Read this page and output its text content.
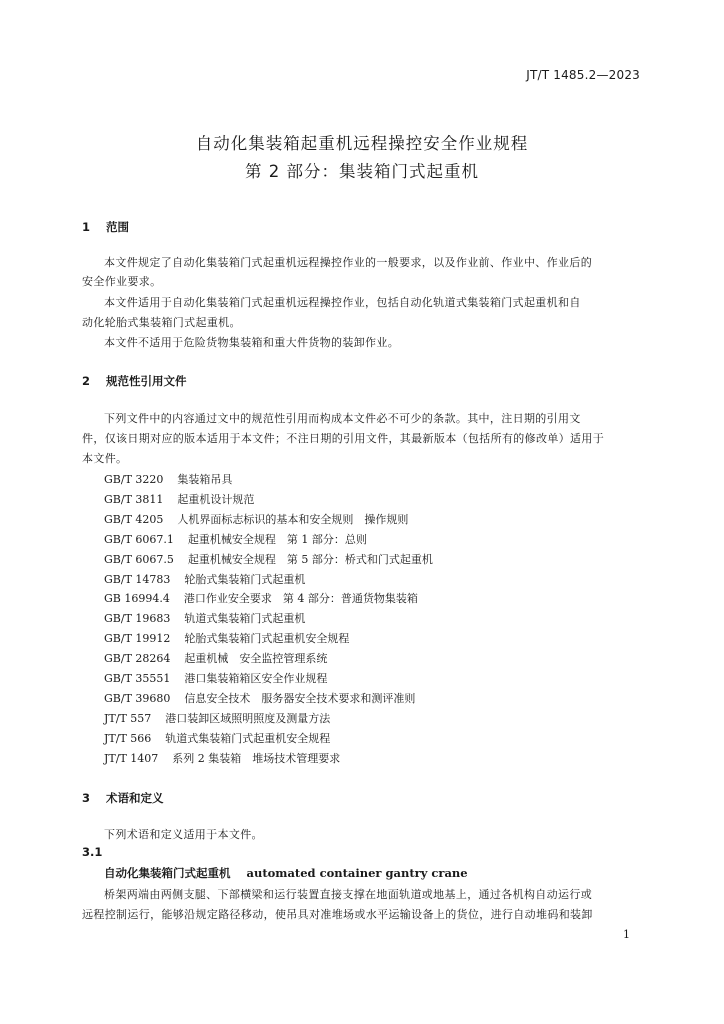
JT/T 1485.2—2023
自动化集装箱起重机远程操控安全作业规程
第 2 部分：集装箱门式起重机
1 范围
本文件规定了自动化集装箱门式起重机远程操控作业的一般要求，以及作业前、作业中、作业后的
安全作业要求。
本文件适用于自动化集装箱门式起重机远程操控作业，包括自动化轨道式集装箱门式起重机和自
动化轮胎式集装箱门式起重机。
本文件不适用于危险货物集装箱和重大件货物的装卸作业。
2 规范性引用文件
下列文件中的内容通过文中的规范性引用而构成本文件必不可少的条款。其中，注日期的引用文
件，仅该日期对应的版本适用于本文件；不注日期的引用文件，其最新版本（包括所有的修改单）适用于
本文件。
GB/T 3220 集装箱吊具
GB/T 3811 起重机设计规范
GB/T 4205 人机界面标志标识的基本和安全规则　操作规则
GB/T 6067.1 起重机械安全规程　第 1 部分：总则
GB/T 6067.5 起重机械安全规程　第 5 部分：桥式和门式起重机
GB/T 14783 轮胎式集装箱门式起重机
GB 16994.4 港口作业安全要求　第 4 部分：普通货物集装箱
GB/T 19683 轨道式集装箱门式起重机
GB/T 19912 轮胎式集装箱门式起重机安全规程
GB/T 28264 起重机械　安全监控管理系统
GB/T 35551 港口集装箱箱区安全作业规程
GB/T 39680 信息安全技术　服务器安全技术要求和测评准则
JT/T 557 港口装卸区域照明照度及测量方法
JT/T 566 轨道式集装箱门式起重机安全规程
JT/T 1407 系列 2 集装箱　堆场技术管理要求
3 术语和定义
下列术语和定义适用于本文件。
3.1
自动化集装箱门式起重机 automated container gantry crane
桥架两端由两侧支腿、下部横梁和运行装置直接支撑在地面轨道或地基上，通过各机构自动运行或
远程控制运行，能够沿规定路径移动，使吊具对准堆场或水平运输设备上的货位，进行自动堆码和装卸
1
